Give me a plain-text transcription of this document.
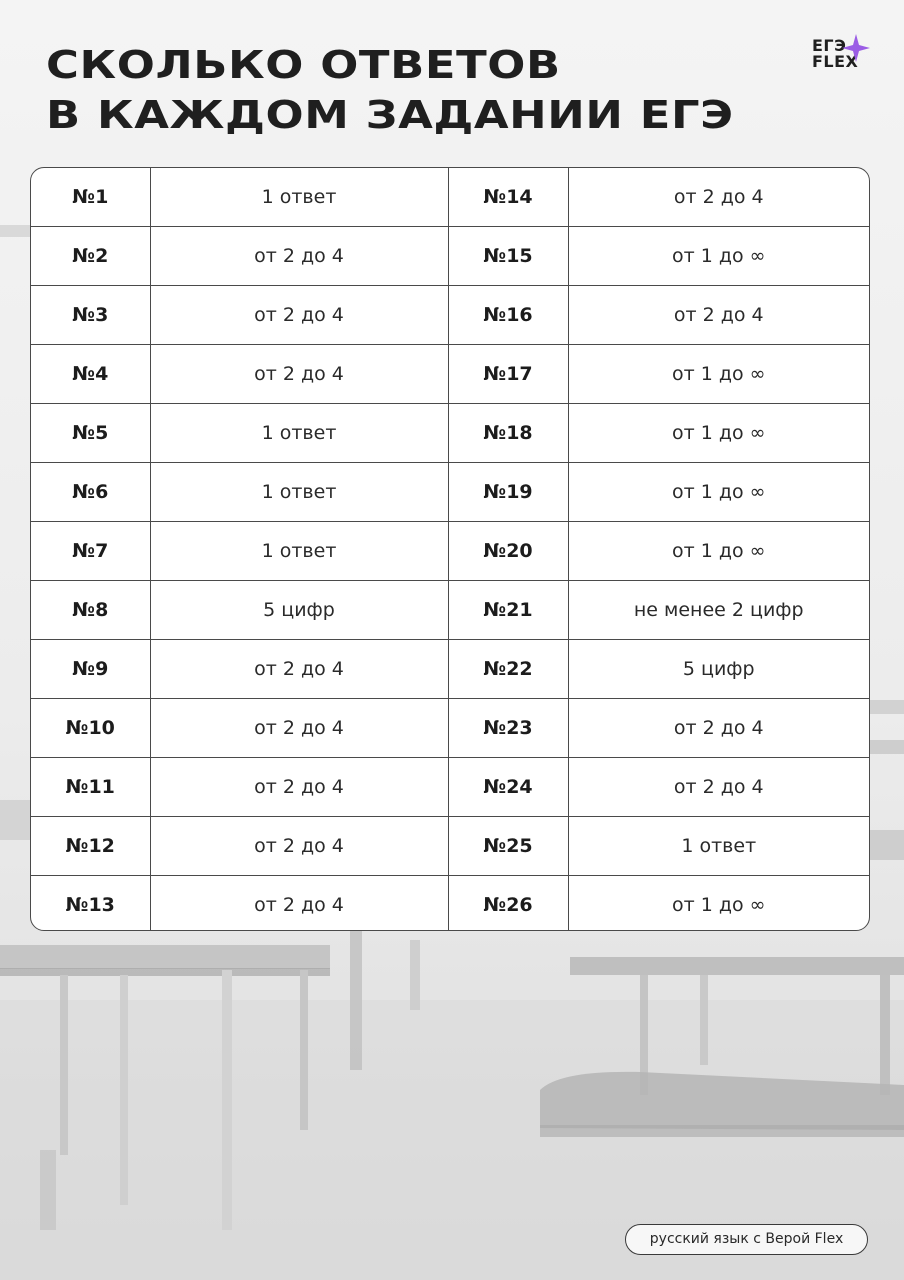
СКОЛЬКО ОТВЕТОВ
В КАЖДОМ ЗАДАНИИ ЕГЭ
ЕГЭ
FLEX
№1	1 ответ	№14	от 2 до 4
№2	от 2 до 4	№15	от 1 до ∞
№3	от 2 до 4	№16	от 2 до 4
№4	от 2 до 4	№17	от 1 до ∞
№5	1 ответ	№18	от 1 до ∞
№6	1 ответ	№19	от 1 до ∞
№7	1 ответ	№20	от 1 до ∞
№8	5 цифр	№21	не менее 2 цифр
№9	от 2 до 4	№22	5 цифр
№10	от 2 до 4	№23	от 2 до 4
№11	от 2 до 4	№24	от 2 до 4
№12	от 2 до 4	№25	1 ответ
№13	от 2 до 4	№26	от 1 до ∞
русский язык с Верой Flex
